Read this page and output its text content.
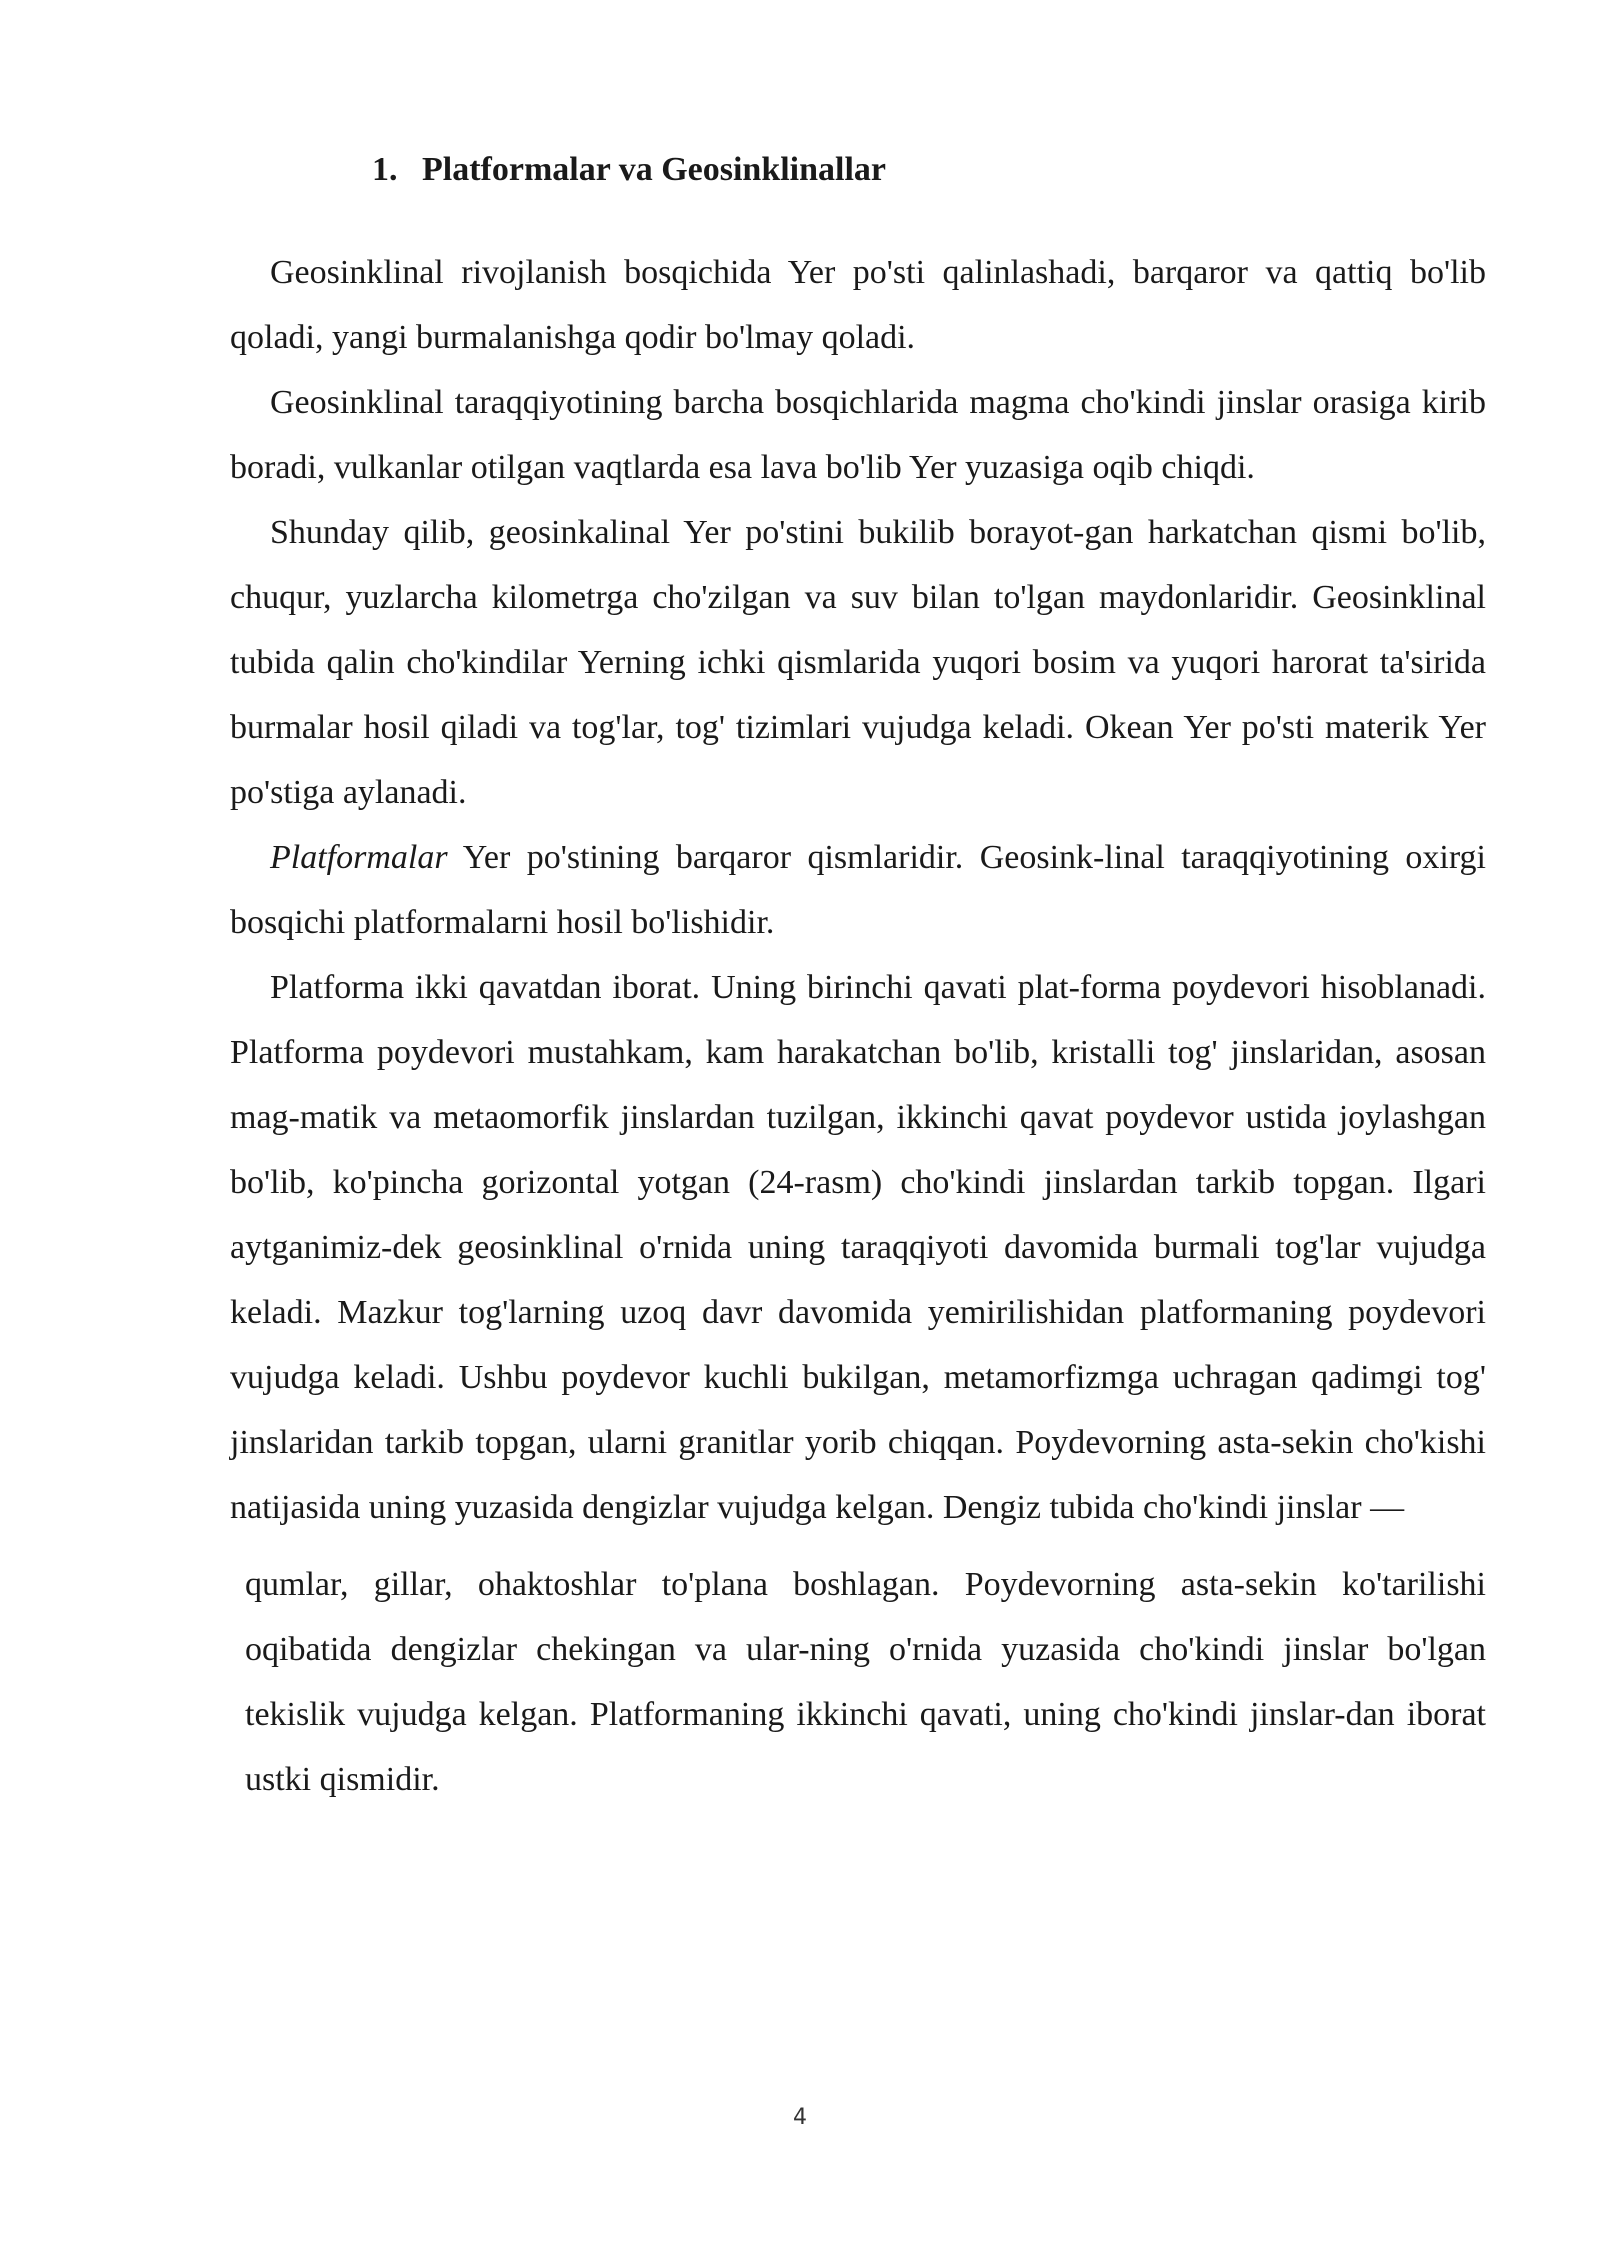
1. Platformalar va Geosinklinallar

Geosinklinal rivojlanish bosqichida Yer po'sti qalinlashadi, barqaror va qattiq bo'lib qoladi, yangi burmalanishga qodir bo'lmay qoladi.

Geosinklinal taraqqiyotining barcha bosqichlarida magma cho'kindi jinslar orasiga kirib boradi, vulkanlar otilgan vaqtlarda esa lava bo'lib Yer yuzasiga oqib chiqdi.

Shunday qilib, geosinkalinal Yer po'stini bukilib borayot-gan harkatchan qismi bo'lib, chuqur, yuzlarcha kilometrga cho'zilgan va suv bilan to'lgan maydonlaridir. Geosinklinal tubida qalin cho'kindilar Yerning ichki qismlarida yuqori bosim va yuqori harorat ta'sirida burmalar hosil qiladi va tog'lar, tog' tizimlari vujudga keladi. Okean Yer po'sti materik Yer po'stiga aylanadi.

Platformalar Yer po'stining barqaror qismlaridir. Geosink-linal taraqqiyotining oxirgi bosqichi platformalarni hosil bo'lishidir.

Platforma ikki qavatdan iborat. Uning birinchi qavati plat-forma poydevori hisoblanadi. Platforma poydevori mustahkam, kam harakatchan bo'lib, kristalli tog' jinslaridan, asosan mag-matik va metaomorfik jinslardan tuzilgan, ikkinchi qavat poydevor ustida joylashgan bo'lib, ko'pincha gorizontal yotgan (24-rasm) cho'kindi jinslardan tarkib topgan. Ilgari aytganimiz-dek geosinklinal o'rnida uning taraqqiyoti davomida burmali tog'lar vujudga keladi. Mazkur tog'larning uzoq davr davomida yemirilishidan platformaning poydevori vujudga keladi. Ushbu poydevor kuchli bukilgan, metamorfizmga uchragan qadimgi tog' jinslaridan tarkib topgan, ularni granitlar yorib chiqqan. Poydevorning asta-sekin cho'kishi natijasida uning yuzasida dengizlar vujudga kelgan. Dengiz tubida cho'kindi jinslar —

qumlar, gillar, ohaktoshlar to'plana boshlagan. Poydevorning asta-sekin ko'tarilishi oqibatida dengizlar chekingan va ular-ning o'rnida yuzasida cho'kindi jinslar bo'lgan tekislik vujudga kelgan. Platformaning ikkinchi qavati, uning cho'kindi jinslar-dan iborat ustki qismidir.

4
